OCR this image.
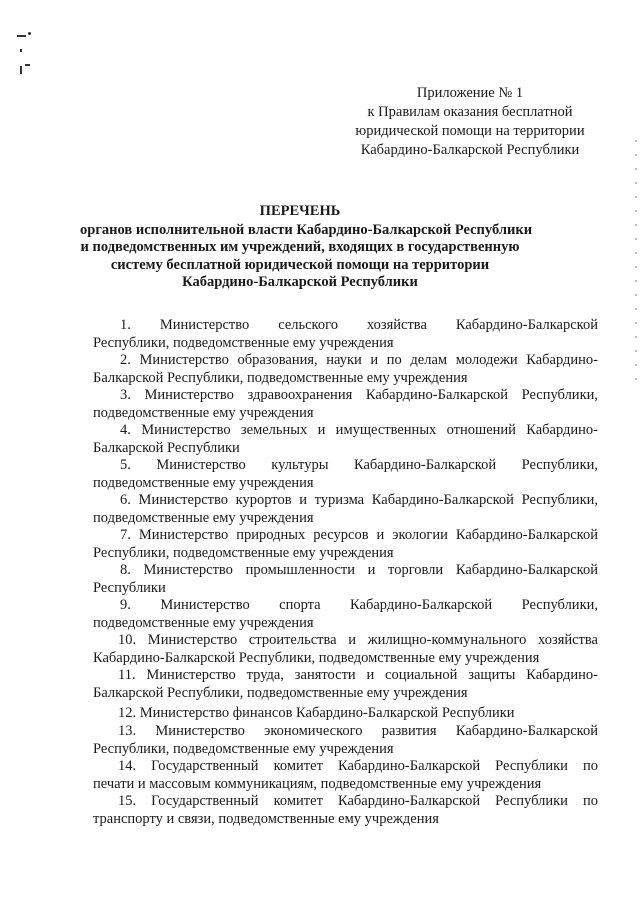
Приложение № 1
к Правилам оказания бесплатной
юридической помощи на территории
Кабардино-Балкарской Республики
ПЕРЕЧЕНЬ
органов исполнительной власти Кабардино-Балкарской Республики
и подведомственных им учреждений, входящих в государственную
систему бесплатной юридической помощи на территории
Кабардино-Балкарской Республики
1. Министерство сельского хозяйства Кабардино-Балкарской
Республики, подведомственные ему учреждения
2. Министерство образования, науки и по делам молодежи Кабардино-
Балкарской Республики, подведомственные ему учреждения
3. Министерство здравоохранения Кабардино-Балкарской Республики,
подведомственные ему учреждения
4. Министерство земельных и имущественных отношений Кабардино-
Балкарской Республики
5. Министерство культуры Кабардино-Балкарской Республики,
подведомственные ему учреждения
6. Министерство курортов и туризма Кабардино-Балкарской Республики,
подведомственные ему учреждения
7. Министерство природных ресурсов и экологии Кабардино-Балкарской
Республики, подведомственные ему учреждения
8. Министерство промышленности и торговли Кабардино-Балкарской
Республики
9. Министерство спорта Кабардино-Балкарской Республики,
подведомственные ему учреждения
10. Министерство строительства и жилищно-коммунального хозяйства
Кабардино-Балкарской Республики, подведомственные ему учреждения
11. Министерство труда, занятости и социальной защиты Кабардино-
Балкарской Республики, подведомственные ему учреждения
12. Министерство финансов Кабардино-Балкарской Республики
13. Министерство экономического развития Кабардино-Балкарской
Республики, подведомственные ему учреждения
14. Государственный комитет Кабардино-Балкарской Республики по
печати и массовым коммуникациям, подведомственные ему учреждения
15. Государственный комитет Кабардино-Балкарской Республики по
транспорту и связи, подведомственные ему учреждения
